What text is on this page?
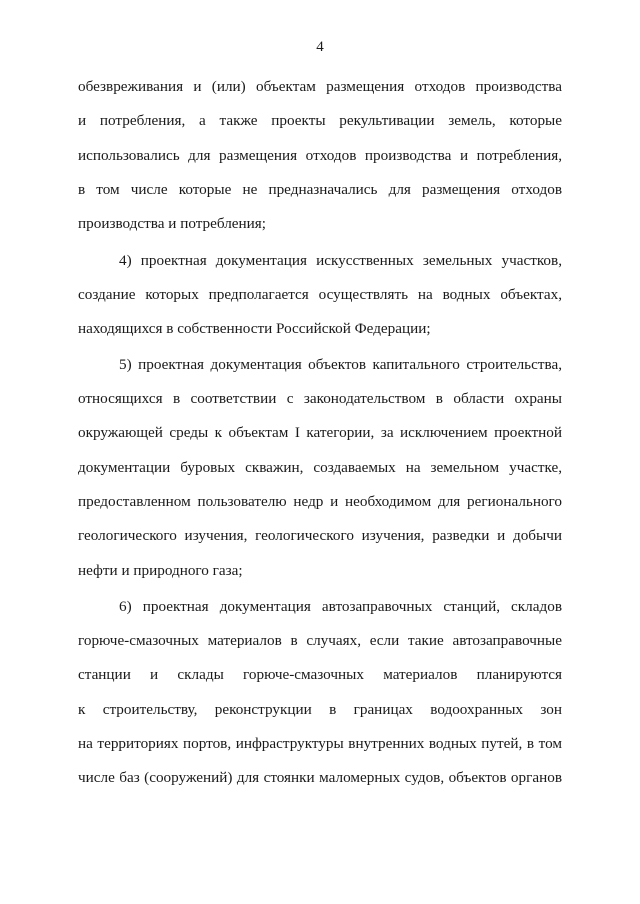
4
обезвреживания и (или) объектам размещения отходов производства
и потребления, а также проекты рекультивации земель, которые
использовались для размещения отходов производства и потребления,
в том числе которые не предназначались для размещения отходов
производства и потребления;
4) проектная документация искусственных земельных участков,
создание которых предполагается осуществлять на водных объектах,
находящихся в собственности Российской Федерации;
5) проектная документация объектов капитального строительства,
относящихся в соответствии с законодательством в области охраны
окружающей среды к объектам I категории, за исключением проектной
документации буровых скважин, создаваемых на земельном участке,
предоставленном пользователю недр и необходимом для регионального
геологического изучения, геологического изучения, разведки и добычи
нефти и природного газа;
6) проектная документация автозаправочных станций, складов
горюче-смазочных материалов в случаях, если такие автозаправочные
станции и склады горюче-смазочных материалов планируются
к строительству, реконструкции в границах водоохранных зон
на территориях портов, инфраструктуры внутренних водных путей, в том
числе баз (сооружений) для стоянки маломерных судов, объектов органов
